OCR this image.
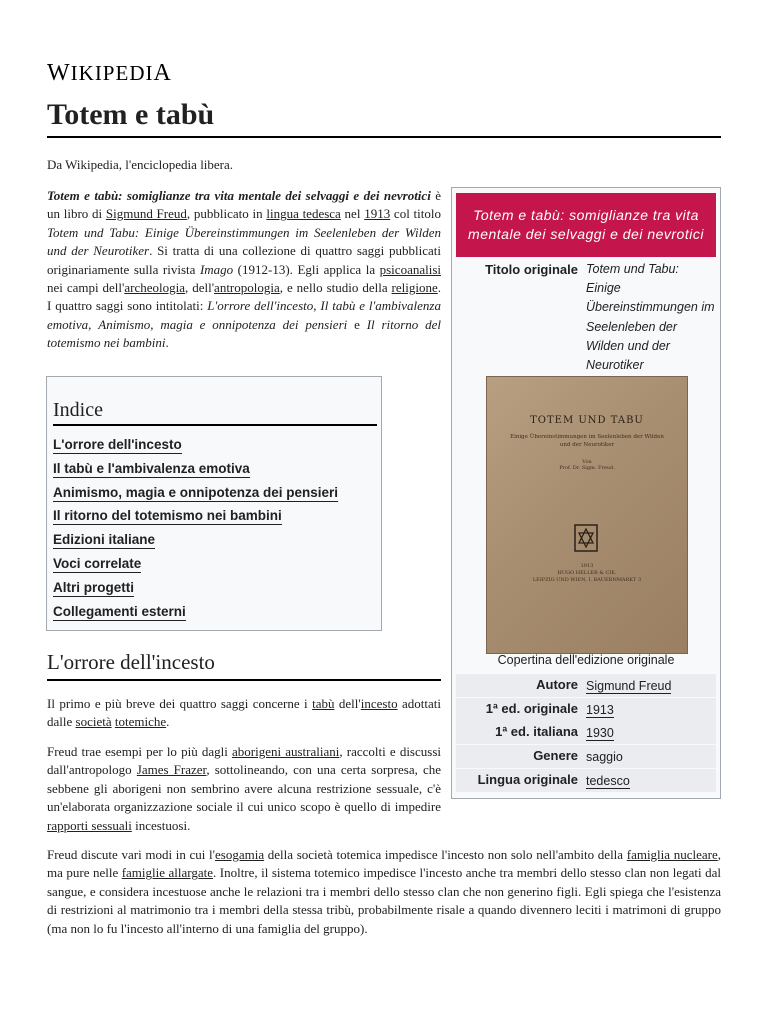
WIKIPEDIA
Totem e tabù
Da Wikipedia, l'enciclopedia libera.
Totem e tabù: somiglianze tra vita mentale dei selvaggi e dei nevrotici è un libro di Sigmund Freud, pubblicato in lingua tedesca nel 1913 col titolo Totem und Tabu: Einige Übereinstimmungen im Seelenleben der Wilden und der Neurotiker. Si tratta di una collezione di quattro saggi pubblicati originariamente sulla rivista Imago (1912-13). Egli applica la psicoanalisi nei campi dell'archeologia, dell'antropologia, e nello studio della religione. I quattro saggi sono intitolati: L'orrore dell'incesto, Il tabù e l'ambivalenza emotiva, Animismo, magia e onnipotenza dei pensieri e Il ritorno del totemismo nei bambini.
Indice
L'orrore dell'incesto
Il tabù e l'ambivalenza emotiva
Animismo, magia e onnipotenza dei pensieri
Il ritorno del totemismo nei bambini
Edizioni italiane
Voci correlate
Altri progetti
Collegamenti esterni
L'orrore dell'incesto
Il primo e più breve dei quattro saggi concerne i tabù dell'incesto adottati dalle società totemiche.
Freud trae esempi per lo più dagli aborigeni australiani, raccolti e discussi dall'antropologo James Frazer, sottolineando, con una certa sorpresa, che sebbene gli aborigeni non sembrino avere alcuna restrizione sessuale, c'è un'elaborata organizzazione sociale il cui unico scopo è quello di impedire rapporti sessuali incestuosi.
Freud discute vari modi in cui l'esogamia della società totemica impedisce l'incesto non solo nell'ambito della famiglia nucleare, ma pure nelle famiglie allargate. Inoltre, il sistema totemico impedisce l'incesto anche tra membri dello stesso clan non legati dal sangue, e considera incestuose anche le relazioni tra i membri dello stesso clan che non generino figli. Egli spiega che l'esistenza di restrizioni al matrimonio tra i membri della stessa tribù, probabilmente risale a quando divennero leciti i matrimoni di gruppo (ma non lo fu l'incesto all'interno di una famiglia del gruppo).
Totem e tabù: somiglianze tra vita mentale dei selvaggi e dei nevrotici
Titolo originale Totem und Tabu: Einige Übereinstimmungen im Seelenleben der Wilden und der Neurotiker
TOTEM UND TABU
Einige Übereinstimmungen im Seelenleben der Wilden und der Neurotiker
Von
Prof. Dr. Sigm. Freud.
1913
HUGO HELLER & CIE.
LEIPZIG UND WIEN, I. BAUERNMARKT 3
Copertina dell'edizione originale
Autore Sigmund Freud
1ª ed. originale 1913
1ª ed. italiana 1930
Genere saggio
Lingua originale tedesco
